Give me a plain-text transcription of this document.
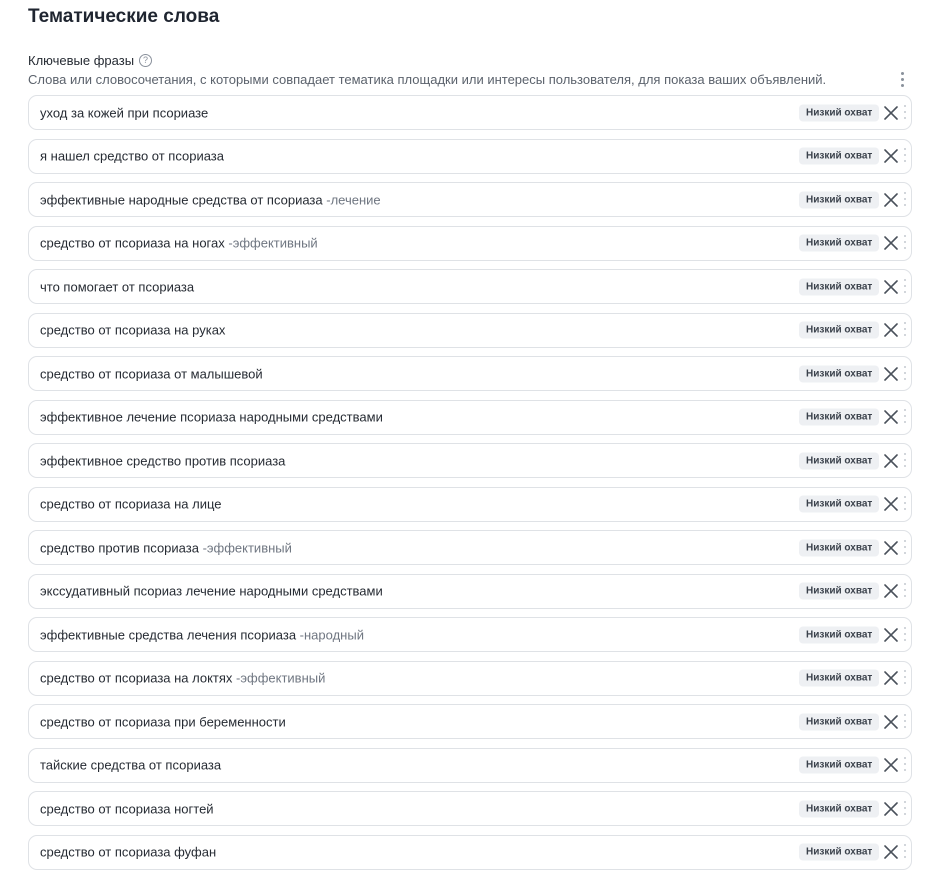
Тематические слова
Ключевые фразы ?
Слова или словосочетания, с которыми совпадает тематика площадки или интересы пользователя, для показа ваших объявлений.
уход за кожей при псориазе	Низкий охват
я нашел средство от псориаза	Низкий охват
эффективные народные средства от псориаза -лечение	Низкий охват
средство от псориаза на ногах -эффективный	Низкий охват
что помогает от псориаза	Низкий охват
средство от псориаза на руках	Низкий охват
средство от псориаза от малышевой	Низкий охват
эффективное лечение псориаза народными средствами	Низкий охват
эффективное средство против псориаза	Низкий охват
средство от псориаза на лице	Низкий охват
средство против псориаза -эффективный	Низкий охват
экссудативный псориаз лечение народными средствами	Низкий охват
эффективные средства лечения псориаза -народный	Низкий охват
средство от псориаза на локтях -эффективный	Низкий охват
средство от псориаза при беременности	Низкий охват
тайские средства от псориаза	Низкий охват
средство от псориаза ногтей	Низкий охват
средство от псориаза фуфан	Низкий охват
